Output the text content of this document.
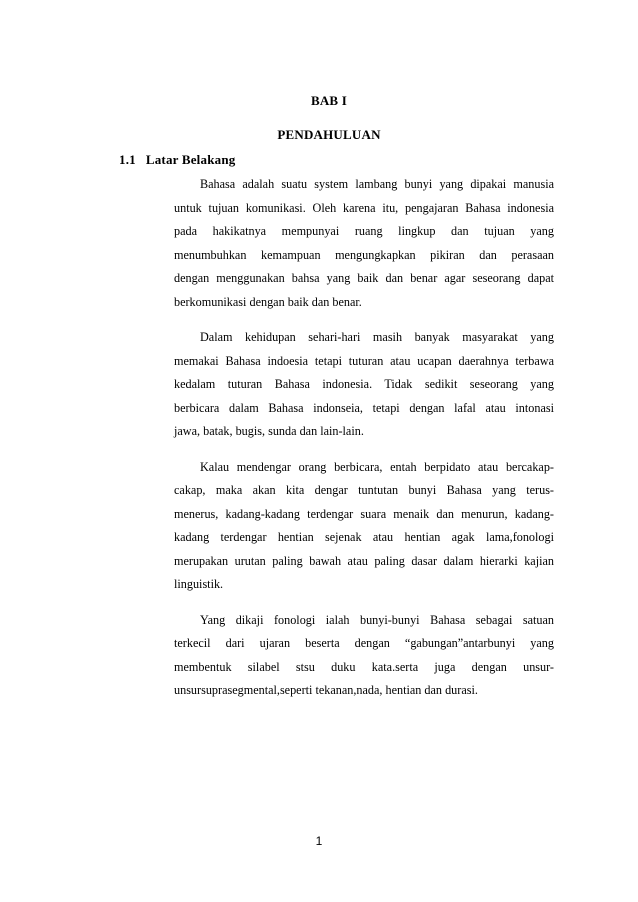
BAB I
PENDAHULUAN
1.1 Latar Belakang
Bahasa adalah suatu system lambang bunyi yang dipakai manusia
untuk tujuan komunikasi. Oleh karena itu, pengajaran Bahasa indonesia
pada hakikatnya mempunyai ruang lingkup dan tujuan yang
menumbuhkan kemampuan mengungkapkan pikiran dan perasaan
dengan menggunakan bahsa yang baik dan benar agar seseorang dapat
berkomunikasi dengan baik dan benar.
Dalam kehidupan sehari-hari masih banyak masyarakat yang
memakai Bahasa indoesia tetapi tuturan atau ucapan daerahnya terbawa
kedalam tuturan Bahasa indonesia. Tidak sedikit seseorang yang
berbicara dalam Bahasa indonseia, tetapi dengan lafal atau intonasi
jawa, batak, bugis, sunda dan lain-lain.
Kalau mendengar orang berbicara, entah berpidato atau bercakap-
cakap, maka akan kita dengar tuntutan bunyi Bahasa yang terus-
menerus, kadang-kadang terdengar suara menaik dan menurun, kadang-
kadang terdengar hentian sejenak atau hentian agak lama,fonologi
merupakan urutan paling bawah atau paling dasar dalam hierarki kajian
linguistik.
Yang dikaji fonologi ialah bunyi-bunyi Bahasa sebagai satuan
terkecil dari ujaran beserta dengan “gabungan”antarbunyi yang
membentuk silabel stsu duku kata.serta juga dengan unsur-
unsursuprasegmental,seperti tekanan,nada, hentian dan durasi.
1
